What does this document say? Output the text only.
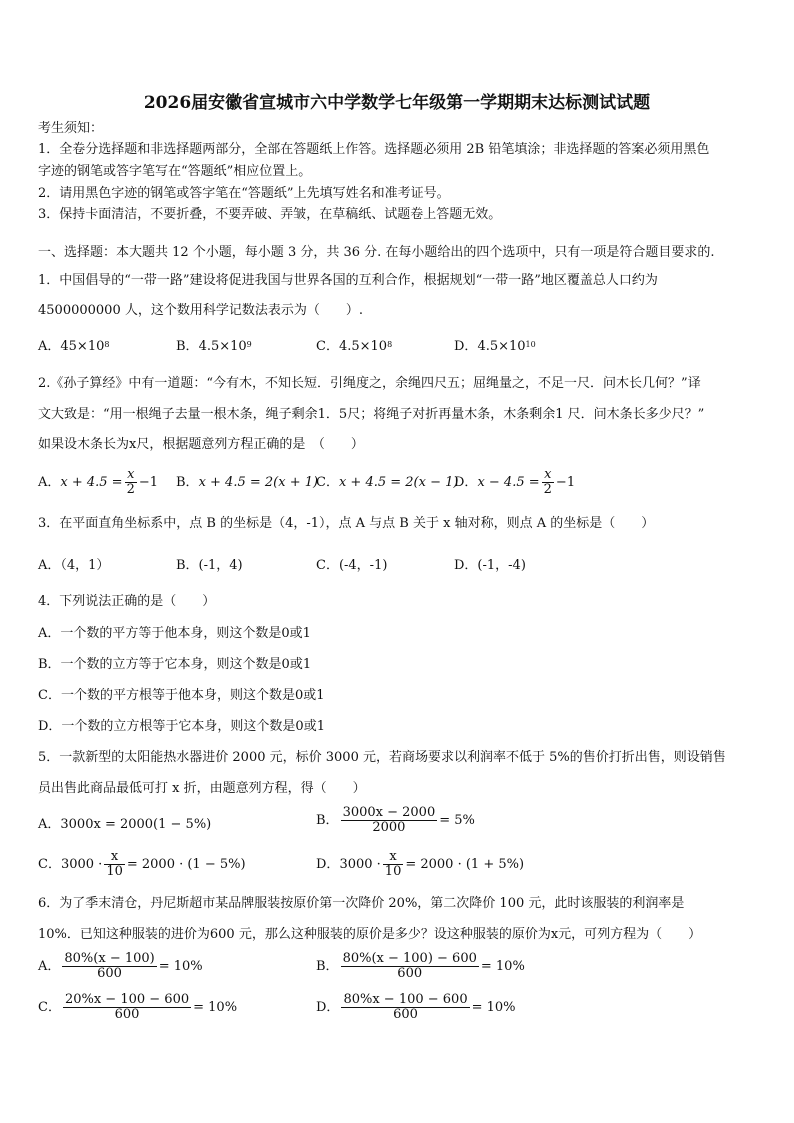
2026届安徽省宣城市六中学数学七年级第一学期期末达标测试试题
考生须知：
1．全卷分选择题和非选择题两部分，全部在答题纸上作答。选择题必须用 2B 铅笔填涂；非选择题的答案必须用黑色
字迹的钢笔或答字笔写在“答题纸”相应位置上。
2．请用黑色字迹的钢笔或答字笔在“答题纸”上先填写姓名和准考证号。
3．保持卡面清洁，不要折叠，不要弄破、弄皱，在草稿纸、试题卷上答题无效。
一、选择题：本大题共 12 个小题，每小题 3 分，共 36 分. 在每小题给出的四个选项中，只有一项是符合题目要求的.
1．中国倡导的“一带一路”建设将促进我国与世界各国的互利合作，根据规划“一带一路”地区覆盖总人口约为
4500000000 人，这个数用科学记数法表示为（　　）.
A．$45\times 10^8$	B．$4.5\times 10^9$	C．$4.5\times 10^8$	D．$4.5\times 10^{10}$
2.《孙子算经》中有一道题：“今有木，不知长短．引绳度之，余绳四尺五；屈绳量之，不足一尺．问木长几何？”译
文大致是：“用一根绳子去量一根木条，绳子剩余1．5尺；将绳子对折再量木条，木条剩余1 尺．问木条长多少尺？”
如果设木条长为x尺，根据题意列方程正确的是　（　　）
A．$x + 4.5 = \frac{x}{2} -1$ B．x + 4.5 = 2(x + 1)
C．x + 4.5 = 2(x − 1)
D．$x - 4.5 = \frac{x}{2} -1$
3．在平面直角坐标系中，点 B 的坐标是（4，-1），点 A 与点 B 关于 x 轴对称，则点 A 的坐标是（　　）
A．（4，1）	B．(-1，4)	C．(-4，-1)	D．(-1，-4)
4．下列说法正确的是（　　）
A．一个数的平方等于他本身，则这个数是0或1
B．一个数的立方等于它本身，则这个数是0或1
C．一个数的平方根等于他本身，则这个数是0或1
D．一个数的立方根等于它本身，则这个数是0或1
5．一款新型的太阳能热水器进价 2000 元，标价 3000 元，若商场要求以利润率不低于 5%的售价打折出售，则设销售
员出售此商品最低可打 x 折，由题意列方程，得（　　）
A．3000x = 2000(1 − 5%)	B． $\frac{3000x - 2000}{2000} = 5\%$
C．$3000 \cdot \frac{x}{10} = 2000 \cdot (1 - 5\%)$	D．$3000 \cdot \frac{x}{10} = 2000 \cdot (1 + 5\%)$
6．为了季末清仓，丹尼斯超市某品牌服装按原价第一次降价 20%，第二次降价 100 元，此时该服装的利润率是
10%．已知这种服装的进价为600 元，那么这种服装的原价是多少？设这种服装的原价为x元，可列方程为（　　）
A． $\frac{80\%(x - 100)}{600} = 10\%$	B． $\frac{80\%(x - 100) - 600}{600} = 10\%$
C． $\frac{20\%x - 100 - 600}{600} = 10\%$	D． $\frac{80\%x - 100 - 600}{600} = 10\%$
